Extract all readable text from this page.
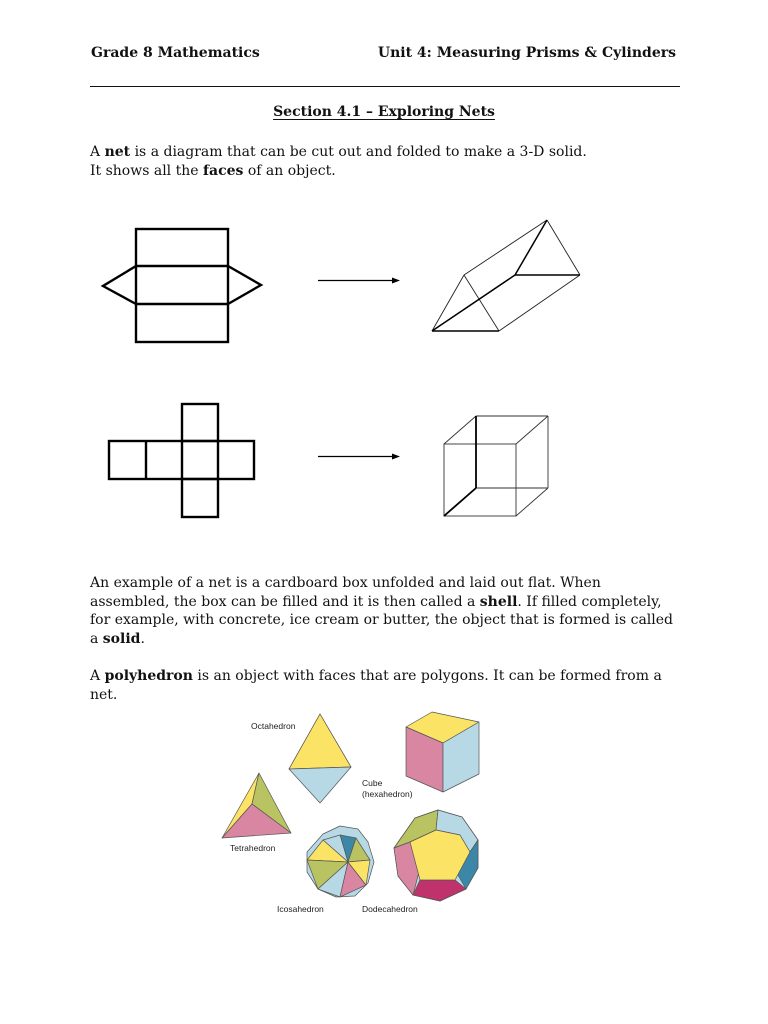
Grade 8 Mathematics	Unit 4: Measuring Prisms & Cylinders
Section 4.1 – Exploring Nets

A net is a diagram that can be cut out and folded to make a 3-D solid.
It shows all the faces of an object.

An example of a net is a cardboard box unfolded and laid out flat. When assembled, the box can be filled and it is then called a shell. If filled completely, for example, with concrete, ice cream or butter, the object that is formed is called a solid.

A polyhedron is an object with faces that are polygons. It can be formed from a net.

Octahedron
Cube
(hexahedron)
Tetrahedron
Icosahedron	Dodecahedron
